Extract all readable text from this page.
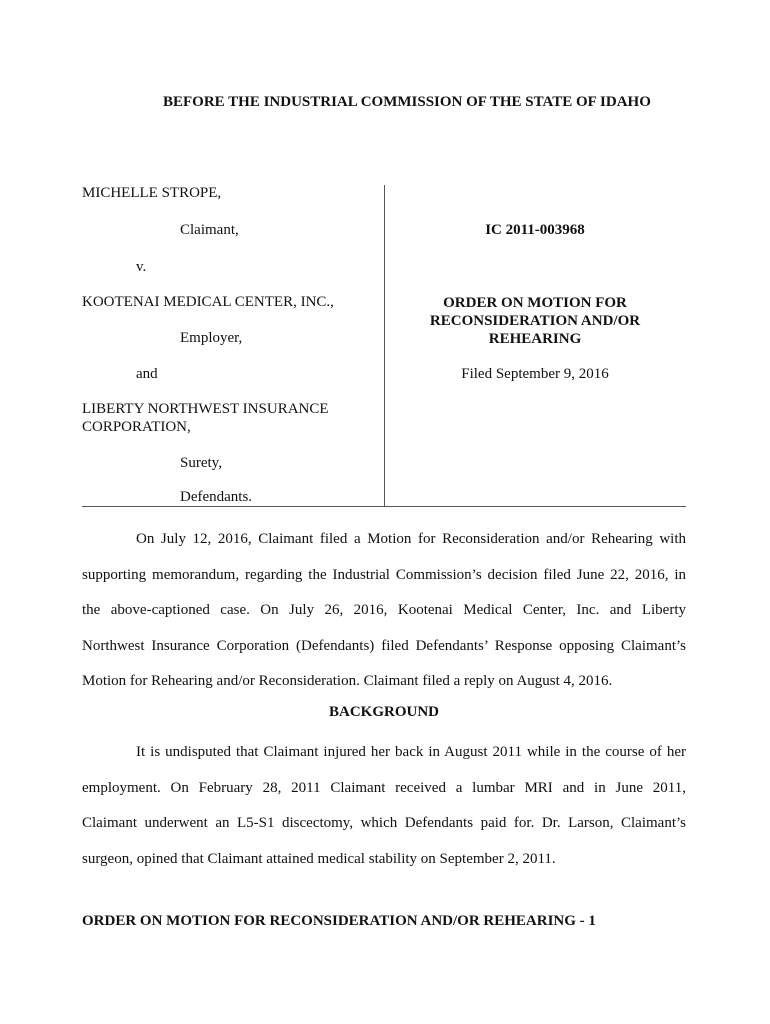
BEFORE THE INDUSTRIAL COMMISSION OF THE STATE OF IDAHO
MICHELLE STROPE,
Claimant,
v.
KOOTENAI MEDICAL CENTER, INC.,
Employer,
and
LIBERTY NORTHWEST INSURANCE
CORPORATION,
Surety,
Defendants.
IC 2011-003968
ORDER ON MOTION FOR
RECONSIDERATION AND/OR
REHEARING
Filed September 9, 2016
On July 12, 2016, Claimant filed a Motion for Reconsideration and/or Rehearing with
supporting memorandum, regarding the Industrial Commission’s decision filed June 22, 2016, in
the above-captioned case. On July 26, 2016, Kootenai Medical Center, Inc. and Liberty
Northwest Insurance Corporation (Defendants) filed Defendants’ Response opposing Claimant’s
Motion for Rehearing and/or Reconsideration. Claimant filed a reply on August 4, 2016.
BACKGROUND
It is undisputed that Claimant injured her back in August 2011 while in the course of her
employment. On February 28, 2011 Claimant received a lumbar MRI and in June 2011,
Claimant underwent an L5-S1 discectomy, which Defendants paid for. Dr. Larson, Claimant’s
surgeon, opined that Claimant attained medical stability on September 2, 2011.
ORDER ON MOTION FOR RECONSIDERATION AND/OR REHEARING - 1
